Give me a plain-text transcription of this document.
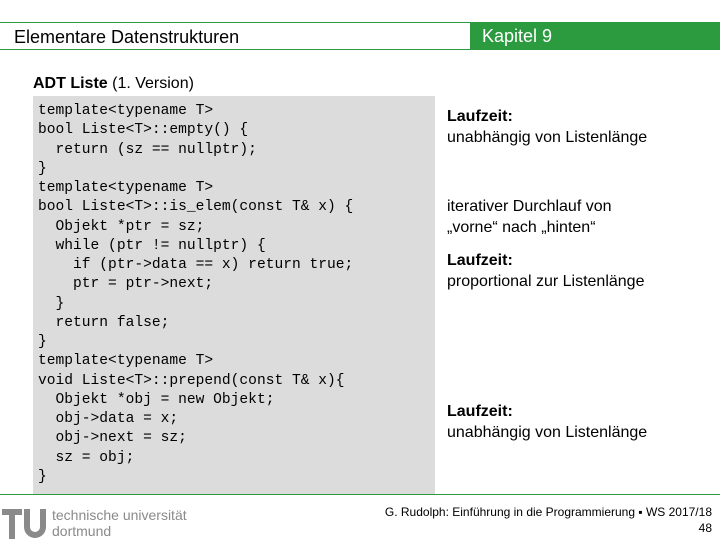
Elementare Datenstrukturen	Kapitel 9
ADT Liste (1. Version)
template<typename T>
bool Liste<T>::empty() {
return (sz == nullptr);
}
template<typename T>
bool Liste<T>::is_elem(const T& x) {
Objekt *ptr = sz;
while (ptr != nullptr) {
if (ptr->data == x) return true;
ptr = ptr->next;
}
return false;
}
template<typename T>
void Liste<T>::prepend(const T& x){
Objekt *obj = new Objekt;
obj->data = x;
obj->next = sz;
sz = obj;
}
Laufzeit:
unabhängig von Listenlänge
iterativer Durchlauf von
„vorne“ nach „hinten“
Laufzeit:
proportional zur Listenlänge
Laufzeit:
unabhängig von Listenlänge
technische universität
dortmund
G. Rudolph: Einführung in die Programmierung ▪ WS 2017/18
48
